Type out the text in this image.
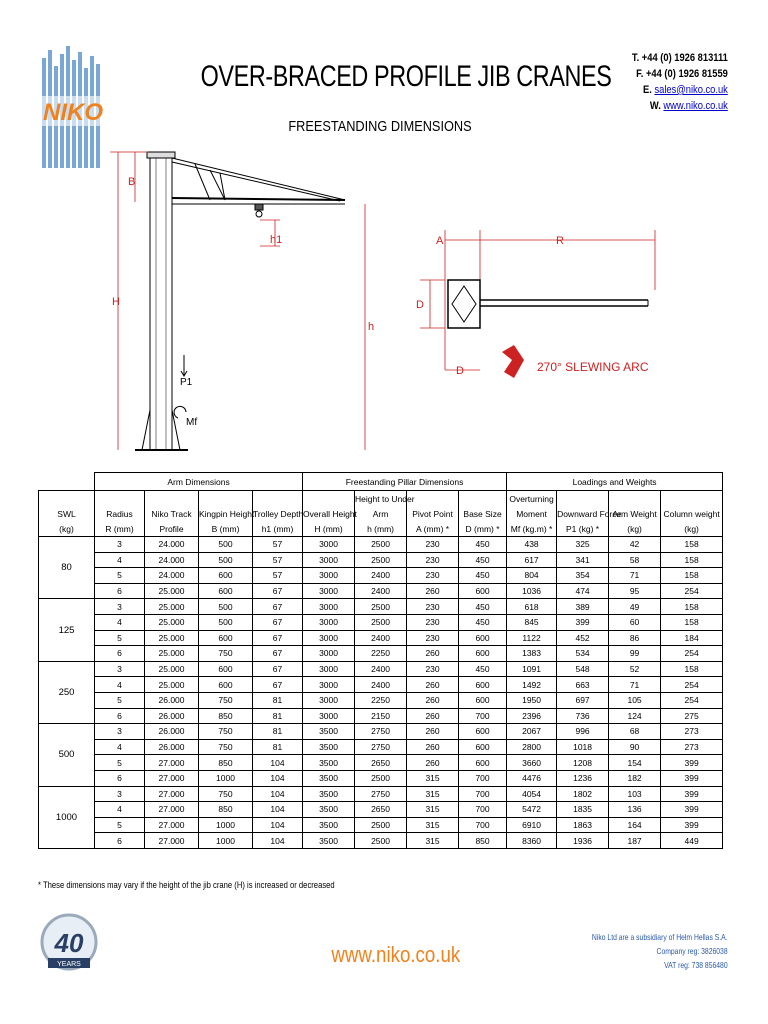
NIKO
OVER-BRACED PROFILE JIB CRANES
FREESTANDING DIMENSIONS
T. +44 (0) 1926 813111
F. +44 (0) 1926 81559
E. sales@niko.co.uk
W. www.niko.co.uk
B
H
h
h1	A	R
D
D	270° SLEWING ARC
P1
Mf
	Arm Dimensions				Freestanding Pillar Dimensions				Loadings and Weights			
						Height to Under			Overturning			
SWL	Radius	Niko Track	Kingpin Height	Trolley Depth	Overall Height	Arm	Pivot Point	Base Size	Moment	Downward Force	Arm Weight	Column weight
(kg)	R (mm)	Profile	B (mm)	h1 (mm)	H (mm)	h (mm)	A (mm) *	D (mm) *	Mf (kg.m) *	P1 (kg) *	(kg)	(kg)
80	3	24.000	500	57	3000	2500	230	450	438	325	42	158
	4	24.000	500	57	3000	2500	230	450	617	341	58	158
	5	24.000	600	57	3000	2400	230	450	804	354	71	158
	6	25.000	600	67	3000	2400	260	600	1036	474	95	254
125	3	25.000	500	67	3000	2500	230	450	618	389	49	158
	4	25.000	500	67	3000	2500	230	450	845	399	60	158
	5	25.000	600	67	3000	2400	230	600	1122	452	86	184
	6	25.000	750	67	3000	2250	260	600	1383	534	99	254
250	3	25.000	600	67	3000	2400	230	450	1091	548	52	158
	4	25.000	600	67	3000	2400	260	600	1492	663	71	254
	5	26.000	750	81	3000	2250	260	600	1950	697	105	254
	6	26.000	850	81	3000	2150	260	700	2396	736	124	275
500	3	26.000	750	81	3500	2750	260	600	2067	996	68	273
	4	26.000	750	81	3500	2750	260	600	2800	1018	90	273
	5	27.000	850	104	3500	2650	260	600	3660	1208	154	399
	6	27.000	1000	104	3500	2500	315	700	4476	1236	182	399
1000	3	27.000	750	104	3500	2750	315	700	4054	1802	103	399
	4	27.000	850	104	3500	2650	315	700	5472	1835	136	399
	5	27.000	1000	104	3500	2500	315	700	6910	1863	164	399
	6	27.000	1000	104	3500	2500	315	850	8360	1936	187	449
* These dimensions may vary if the height of the jib crane (H) is increased or decreased
40
YEARS	www.niko.co.uk
Niko Ltd are a subsidiary of Helm Hellas S.A.
Company reg: 3826038
VAT reg: 738 856480
